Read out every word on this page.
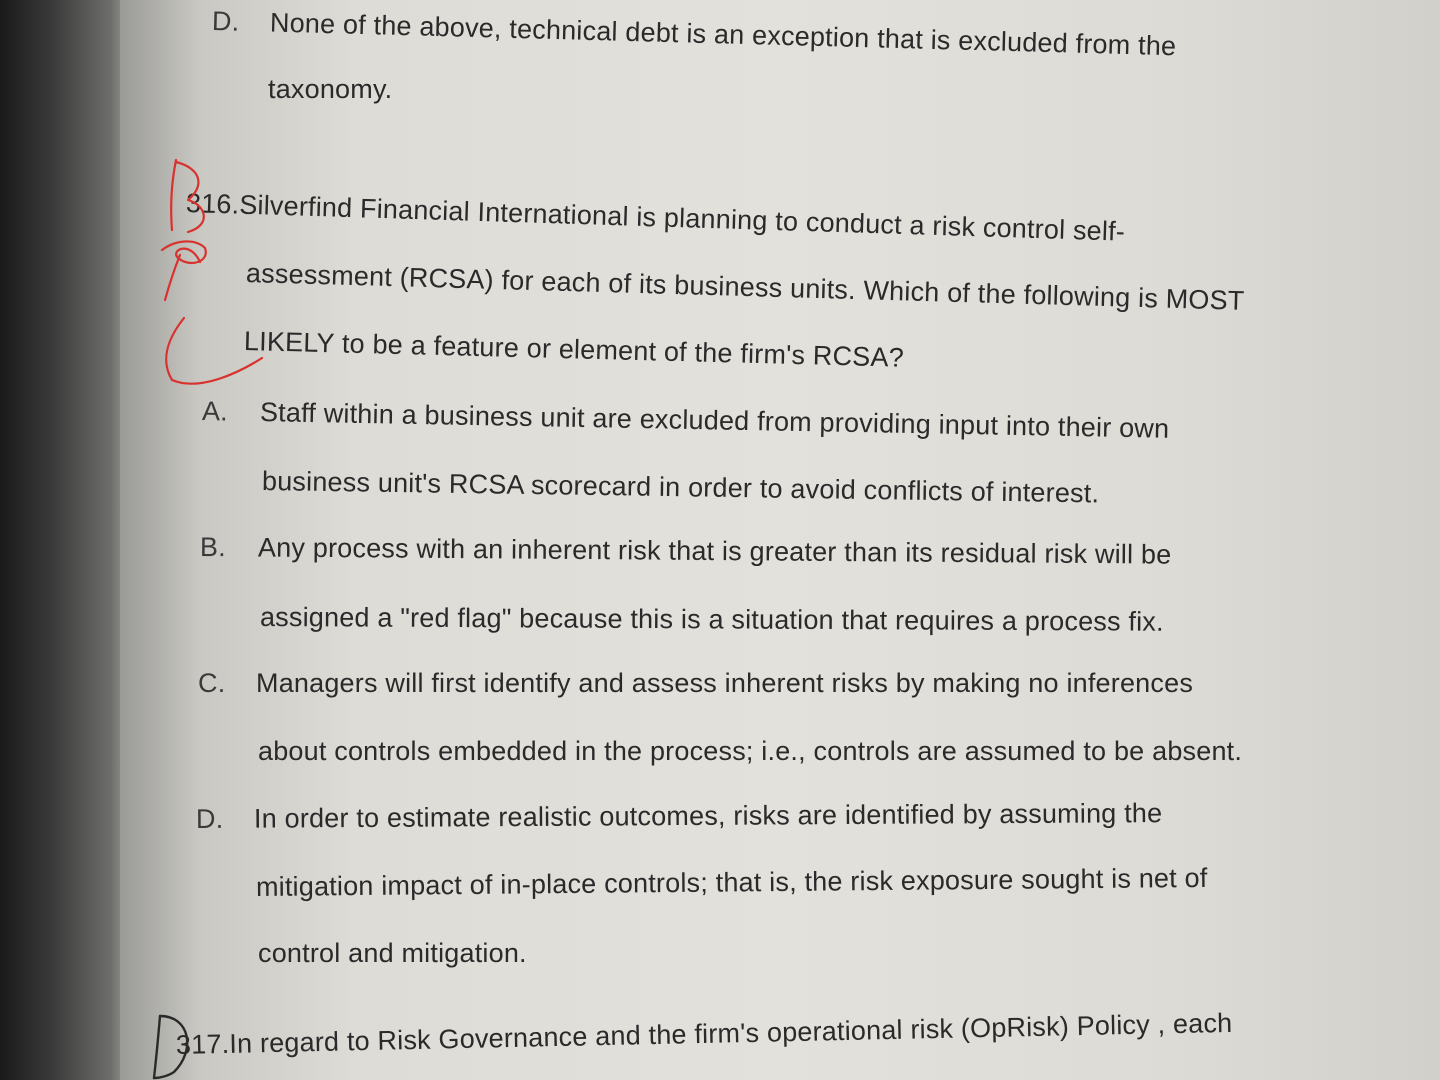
D. None of the above, technical debt is an exception that is excluded from the
taxonomy.
316.Silverfind Financial International is planning to conduct a risk control self-
assessment (RCSA) for each of its business units. Which of the following is MOST
LIKELY to be a feature or element of the firm's RCSA?
A. Staff within a business unit are excluded from providing input into their own
business unit's RCSA scorecard in order to avoid conflicts of interest.
B. Any process with an inherent risk that is greater than its residual risk will be
assigned a "red flag" because this is a situation that requires a process fix.
C. Managers will first identify and assess inherent risks by making no inferences
about controls embedded in the process; i.e., controls are assumed to be absent.
D. In order to estimate realistic outcomes, risks are identified by assuming the
mitigation impact of in-place controls; that is, the risk exposure sought is net of
control and mitigation.
317.In regard to Risk Governance and the firm's operational risk (OpRisk) Policy , each
